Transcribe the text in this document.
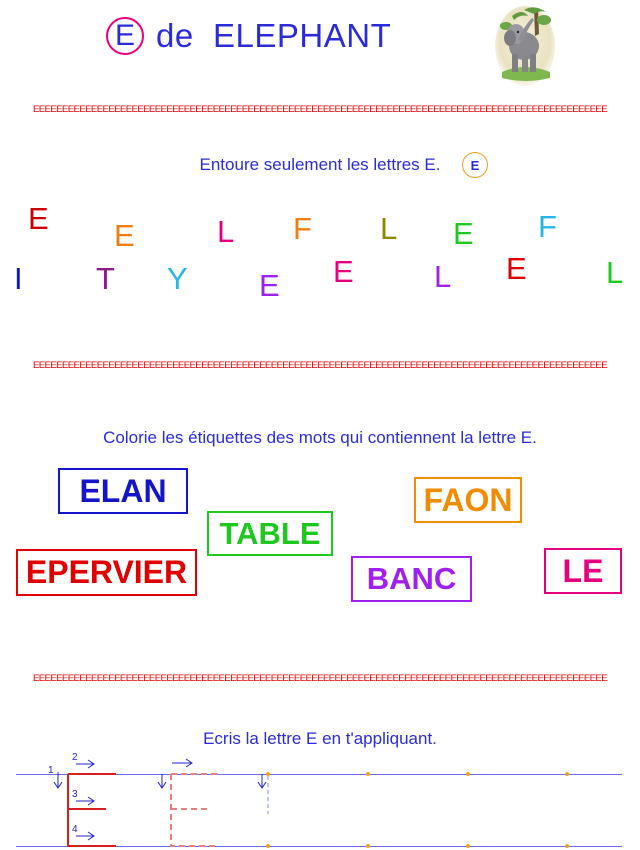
E de  ELEPHANT
EEEEEEEEEEEEEEEEEEEEEEEEEEEEEEEEEEEEEEEEEEEEEEEEEEEEEEEEEEEEEEEEEEEEEEEEEEEEEEEEEEEEEEEEEEEEEEEEEEE
Entoure seulement les lettres E.	E
E E	L F L E F
I T Y E E	L E	L
EEEEEEEEEEEEEEEEEEEEEEEEEEEEEEEEEEEEEEEEEEEEEEEEEEEEEEEEEEEEEEEEEEEEEEEEEEEEEEEEEEEEEEEEEEEEEEEEEEE
Colorie les étiquettes des mots qui contiennent la lettre E.
ELAN	FAON
TABLE
EPERVIER	BANC	LE
EEEEEEEEEEEEEEEEEEEEEEEEEEEEEEEEEEEEEEEEEEEEEEEEEEEEEEEEEEEEEEEEEEEEEEEEEEEEEEEEEEEEEEEEEEEEEEEEEEE
Ecris la lettre E en t'appliquant.
2
1
3
4
